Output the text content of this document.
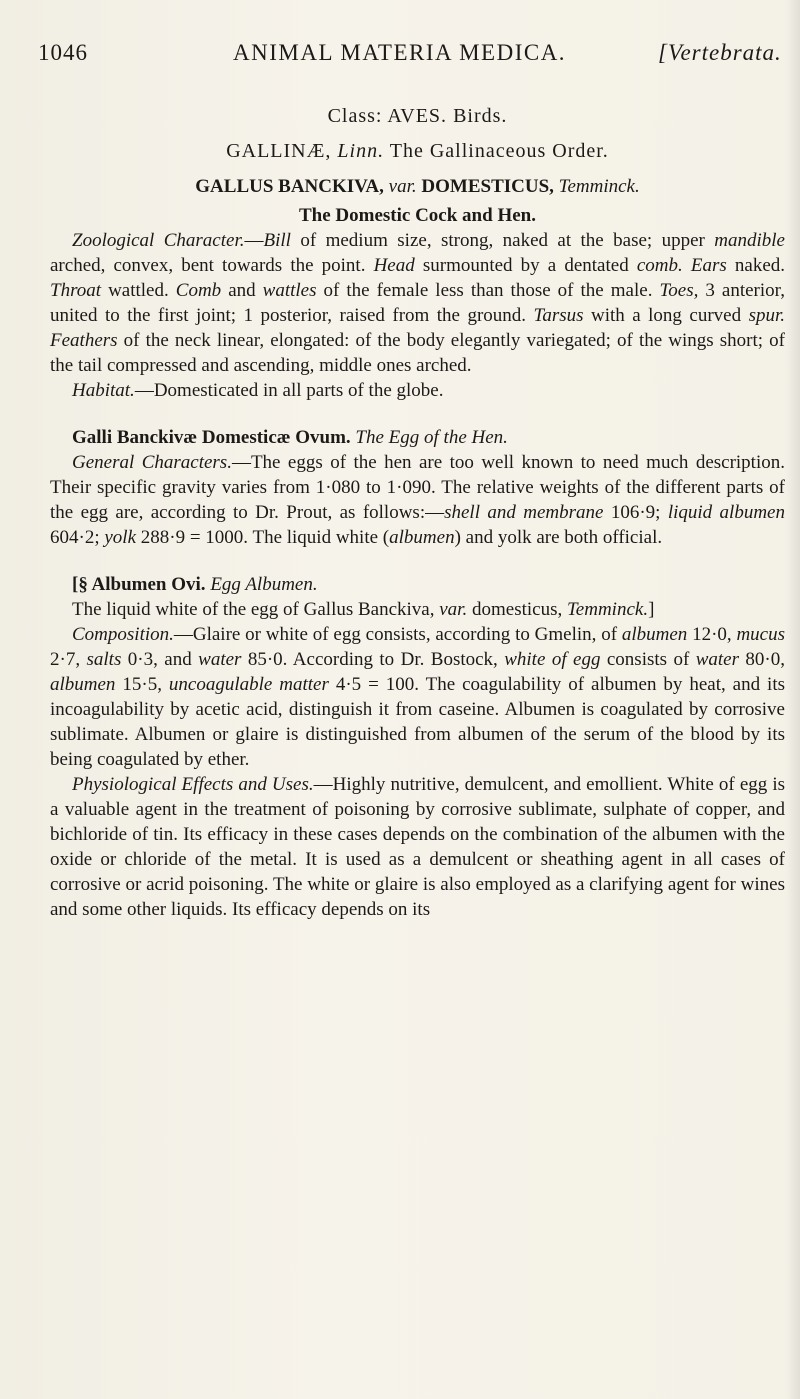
1046	ANIMAL MATERIA MEDICA.	[Vertebrata.
Class: AVES. Birds.
GALLINÆ, Linn. The Gallinaceous Order.
GALLUS BANCKIVA, var. DOMESTICUS, Temminck.
The Domestic Cock and Hen.

Zoological Character.—Bill of medium size, strong, naked at the base; upper mandible arched, convex, bent towards the point. Head surmounted by a dentated comb. Ears naked. Throat wattled. Comb and wattles of the female less than those of the male. Toes, 3 anterior, united to the first joint; 1 posterior, raised from the ground. Tarsus with a long curved spur. Feathers of the neck linear, elongated: of the body elegantly variegated; of the wings short; of the tail compressed and ascending, middle ones arched.

Habitat.—Domesticated in all parts of the globe.

Galli Banckivæ Domesticæ Ovum. The Egg of the Hen.

General Characters.—The eggs of the hen are too well known to need much description. Their specific gravity varies from 1·080 to 1·090. The relative weights of the different parts of the egg are, according to Dr. Prout, as follows:—shell and membrane 106·9; liquid albumen 604·2; yolk 288·9 = 1000. The liquid white (albumen) and yolk are both official.

[§ Albumen Ovi. Egg Albumen.

The liquid white of the egg of Gallus Banckiva, var. domesticus, Temminck.]

Composition.—Glaire or white of egg consists, according to Gmelin, of albumen 12·0, mucus 2·7, salts 0·3, and water 85·0. According to Dr. Bostock, white of egg consists of water 80·0, albumen 15·5, uncoagulable matter 4·5 = 100. The coagulability of albumen by heat, and its incoagulability by acetic acid, distinguish it from caseine. Albumen is coagulated by corrosive sublimate. Albumen or glaire is distinguished from albumen of the serum of the blood by its being coagulated by ether.

Physiological Effects and Uses.—Highly nutritive, demulcent, and emollient. White of egg is a valuable agent in the treatment of poisoning by corrosive sublimate, sulphate of copper, and bichloride of tin. Its efficacy in these cases depends on the combination of the albumen with the oxide or chloride of the metal. It is used as a demulcent or sheathing agent in all cases of corrosive or acrid poisoning. The white or glaire is also employed as a clarifying agent for wines and some other liquids. Its efficacy depends on its
